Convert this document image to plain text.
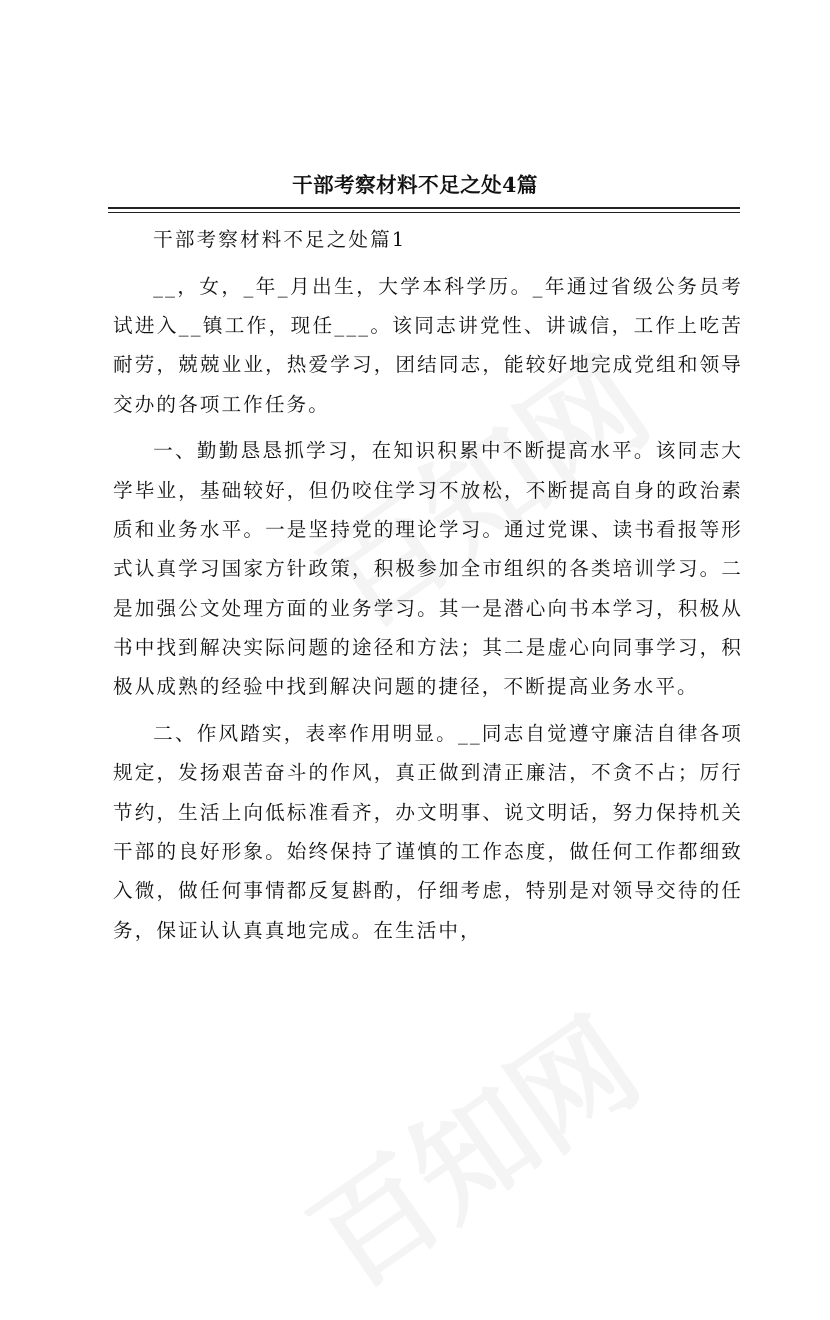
干部考察材料不足之处4篇

干部考察材料不足之处篇1

__，女，_年_月出生，大学本科学历。_年通过省级公务员考试进入__镇工作，现任___。该同志讲党性、讲诚信，工作上吃苦耐劳，兢兢业业，热爱学习，团结同志，能较好地完成党组和领导交办的各项工作任务。

一、勤勤恳恳抓学习，在知识积累中不断提高水平。该同志大学毕业，基础较好，但仍咬住学习不放松，不断提高自身的政治素质和业务水平。一是坚持党的理论学习。通过党课、读书看报等形式认真学习国家方针政策，积极参加全市组织的各类培训学习。二是加强公文处理方面的业务学习。其一是潜心向书本学习，积极从书中找到解决实际问题的途径和方法；其二是虚心向同事学习，积极从成熟的经验中找到解决问题的捷径，不断提高业务水平。

二、作风踏实，表率作用明显。__同志自觉遵守廉洁自律各项规定，发扬艰苦奋斗的作风，真正做到清正廉洁，不贪不占；厉行节约，生活上向低标准看齐，办文明事、说文明话，努力保持机关干部的良好形象。始终保持了谨慎的工作态度，做任何工作都细致入微，做任何事情都反复斟酌，仔细考虑，特别是对领导交待的任务，保证认认真真地完成。在生活中，
